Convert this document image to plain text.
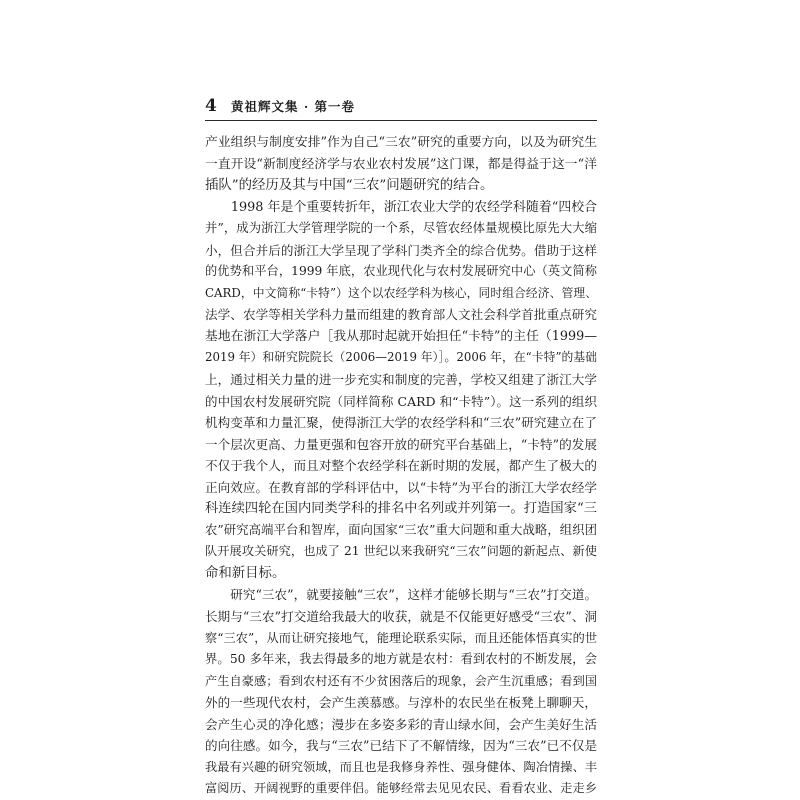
4 黄祖辉文集 · 第一卷
产业组织与制度安排”作为自己“三农”研究的重要方向，以及为研究生
一直开设“新制度经济学与农业农村发展”这门课，都是得益于这一“洋
插队”的经历及其与中国“三农”问题研究的结合。
　　1998 年是个重要转折年，浙江农业大学的农经学科随着“四校合
并”，成为浙江大学管理学院的一个系，尽管农经体量规模比原先大大缩
小，但合并后的浙江大学呈现了学科门类齐全的综合优势。借助于这样
的优势和平台，1999 年底，农业现代化与农村发展研究中心（英文简称
CARD，中文简称“卡特”）这个以农经学科为核心，同时组合经济、管理、
法学、农学等相关学科力量而组建的教育部人文社会科学首批重点研究
基地在浙江大学落户［我从那时起就开始担任“卡特”的主任（1999—
2019 年）和研究院院长（2006—2019 年）］。2006 年，在“卡特”的基础
上，通过相关力量的进一步充实和制度的完善，学校又组建了浙江大学
的中国农村发展研究院（同样简称 CARD 和“卡特”）。这一系列的组织
机构变革和力量汇聚，使得浙江大学的农经学科和“三农”研究建立在了
一个层次更高、力量更强和包容开放的研究平台基础上，“卡特”的发展
不仅于我个人，而且对整个农经学科在新时期的发展，都产生了极大的
正向效应。在教育部的学科评估中，以“卡特”为平台的浙江大学农经学
科连续四轮在国内同类学科的排名中名列或并列第一。打造国家“三
农”研究高端平台和智库，面向国家“三农”重大问题和重大战略，组织团
队开展攻关研究，也成了 21 世纪以来我研究“三农”问题的新起点、新使
命和新目标。
　　研究“三农”，就要接触“三农”，这样才能够长期与“三农”打交道。
长期与“三农”打交道给我最大的收获，就是不仅能更好感受“三农”、洞
察“三农”，从而让研究接地气，能理论联系实际，而且还能体悟真实的世
界。50 多年来，我去得最多的地方就是农村：看到农村的不断发展，会
产生自豪感；看到农村还有不少贫困落后的现象，会产生沉重感；看到国
外的一些现代农村，会产生羡慕感。与淳朴的农民坐在板凳上聊聊天，
会产生心灵的净化感；漫步在多姿多彩的青山绿水间，会产生美好生活
的向往感。如今，我与“三农”已结下了不解情缘，因为“三农”已不仅是
我最有兴趣的研究领域，而且也是我修身养性、强身健体、陶冶情操、丰
富阅历、开阔视野的重要伴侣。能够经常去见见农民、看看农业、走走乡
